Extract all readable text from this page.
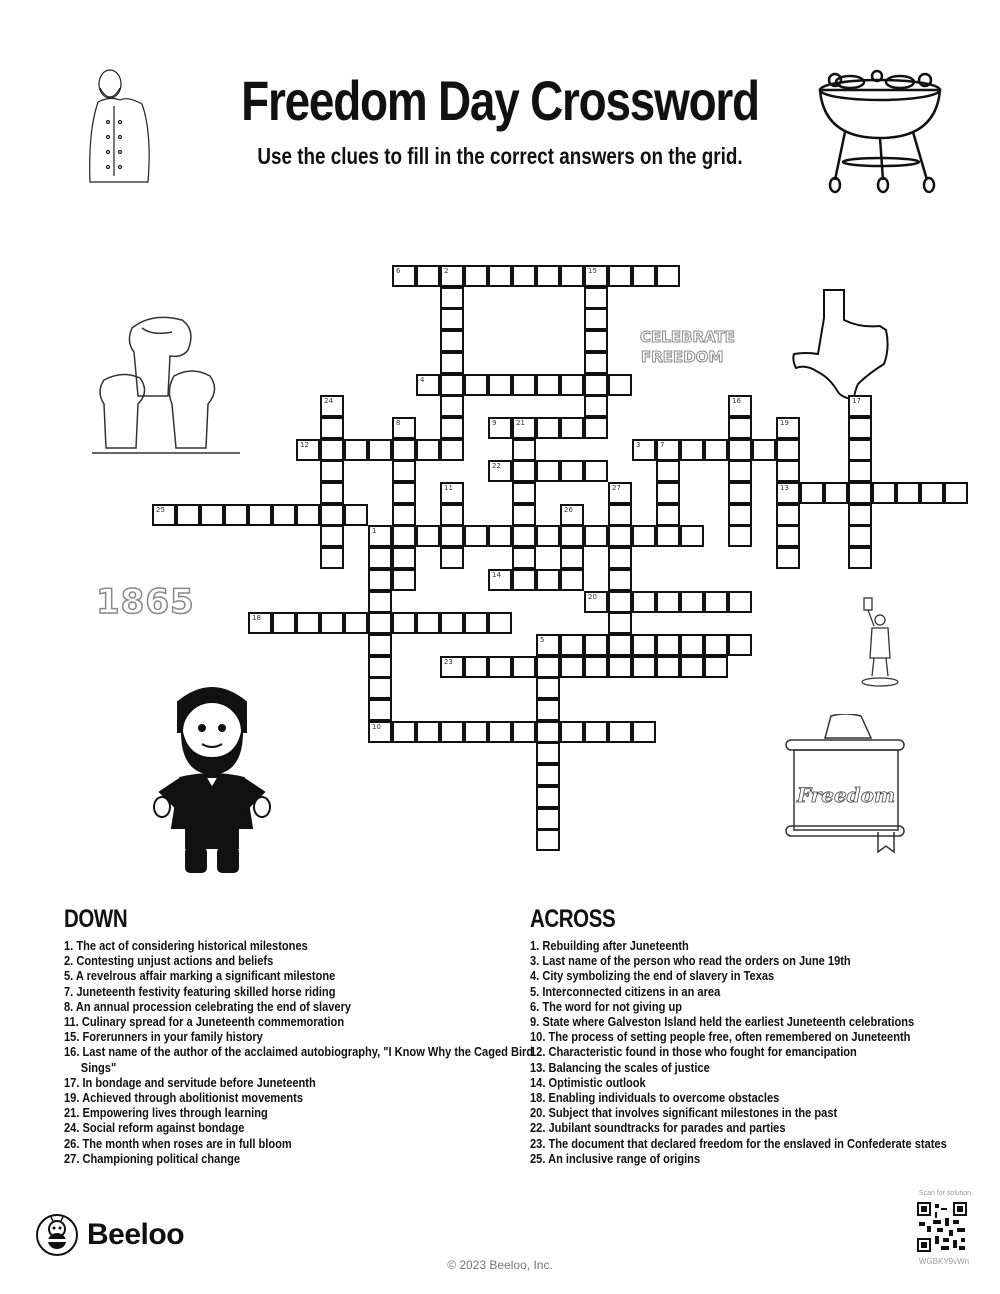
Freedom Day Crossword
Use the clues to fill in the correct answers on the grid.
CELEBRATE
FREEDOM
1865
Freedom
6	2	15
4
24	16	17
8	9	21	19
13
12	3	7
22
11	27
25	26
1
14
20
18
5
23
10
DOWN
1. The act of considering historical milestones
2. Contesting unjust actions and beliefs
5. A revelrous affair marking a significant milestone
7. Juneteenth festivity featuring skilled horse riding
8. An annual procession celebrating the end of slavery
11. Culinary spread for a Juneteenth commemoration
15. Forerunners in your family history
16. Last name of the author of the acclaimed autobiography, "I Know Why the Caged Bird Sings"
17. In bondage and servitude before Juneteenth
19. Achieved through abolitionist movements
21. Empowering lives through learning
24. Social reform against bondage
26. The month when roses are in full bloom
27. Championing political change
ACROSS
1. Rebuilding after Juneteenth
3. Last name of the person who read the orders on June 19th
4. City symbolizing the end of slavery in Texas
5. Interconnected citizens in an area
6. The word for not giving up
9. State where Galveston Island held the earliest Juneteenth celebrations
10. The process of setting people free, often remembered on Juneteenth
12. Characteristic found in those who fought for emancipation
13. Balancing the scales of justice
14. Optimistic outlook
18. Enabling individuals to overcome obstacles
20. Subject that involves significant milestones in the past
22. Jubilant soundtracks for parades and parties
23. The document that declared freedom for the enslaved in Confederate states
25. An inclusive range of origins
Beeloo
© 2023 Beeloo, Inc.
Scan for solution
WGBKY9vWn
